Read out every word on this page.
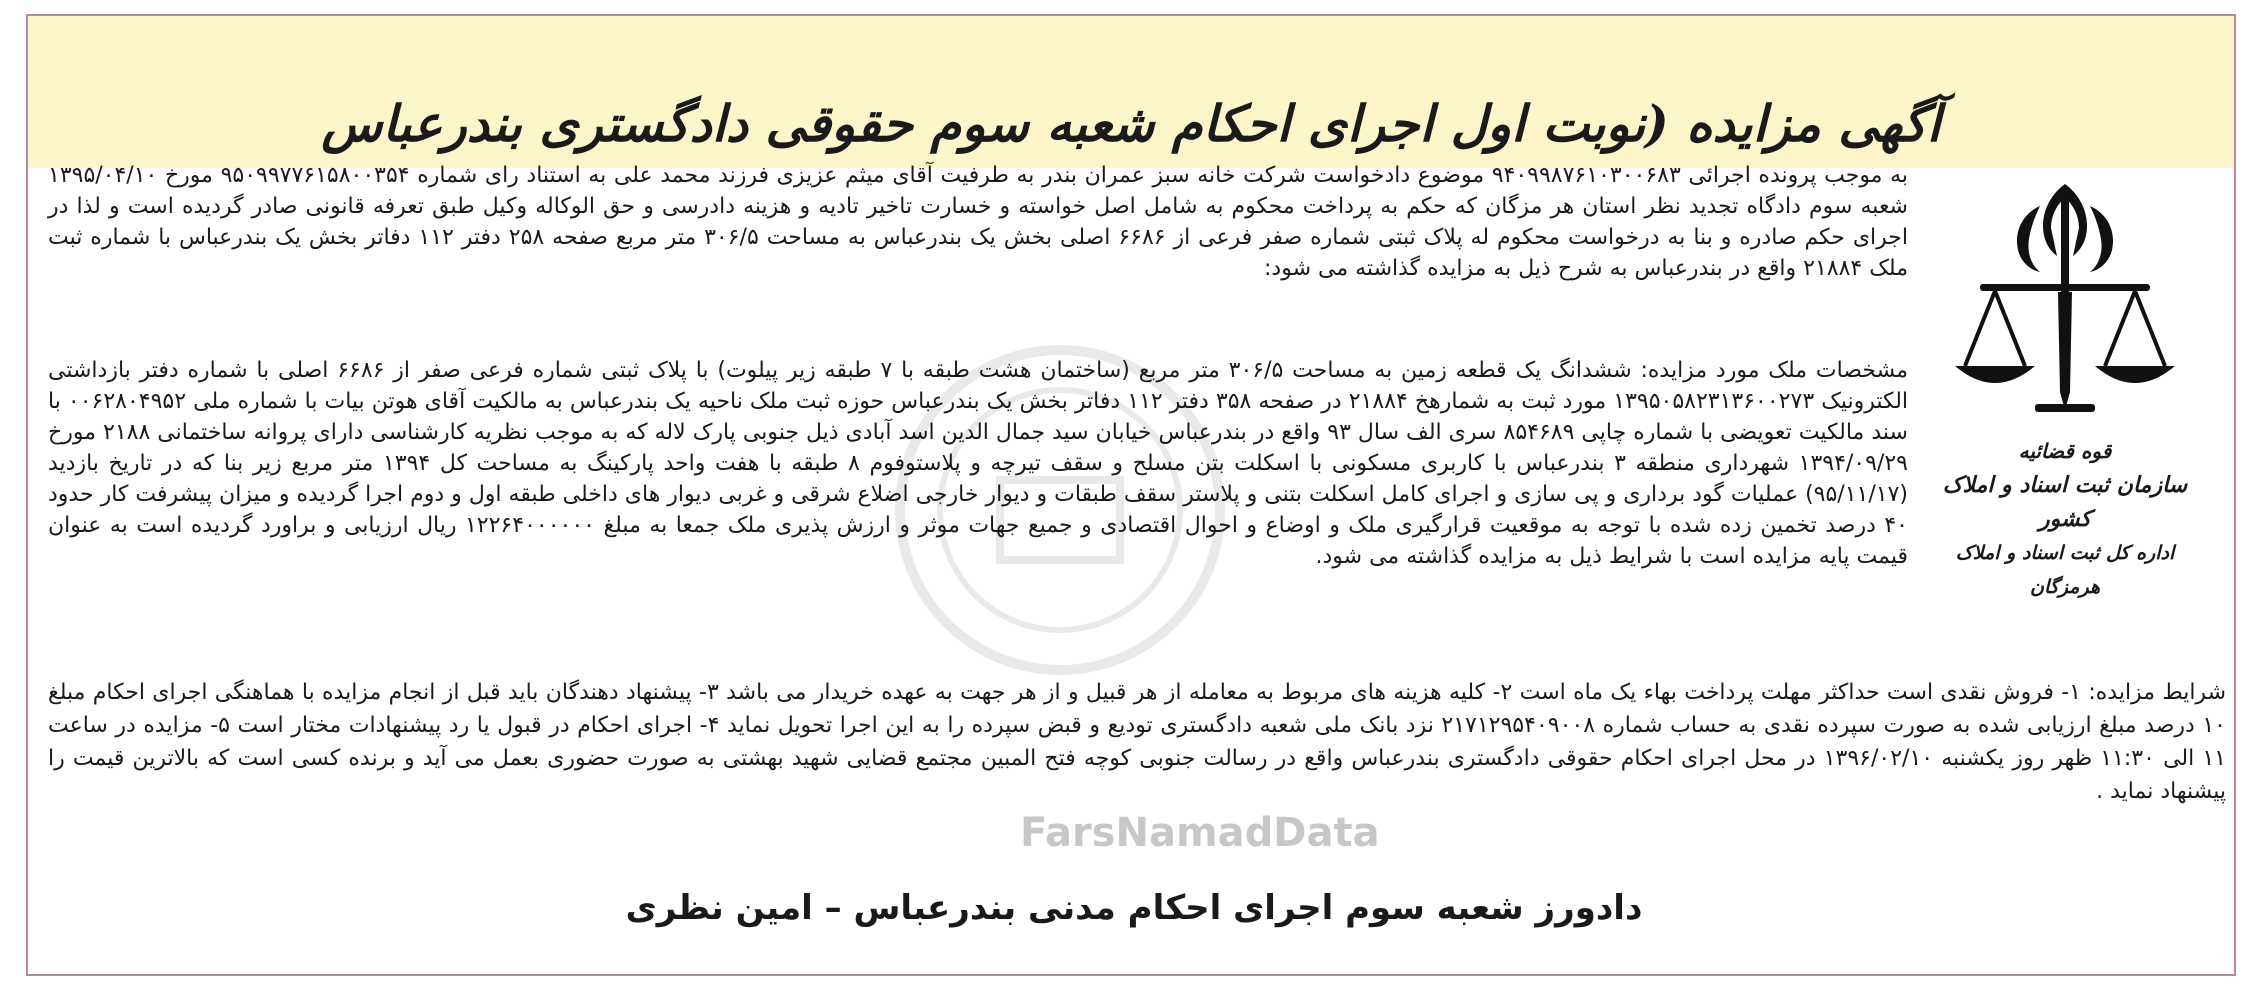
آگهی مزایده (نوبت اول اجرای احکام شعبه سوم حقوقی دادگستری بندرعباس
قوه قضائیه
سازمان ثبت اسناد و املاک کشور
اداره کل ثبت اسناد و املاک هرمزگان
FarsNamadData

به موجب پرونده اجرائی ۹۴۰۹۹۸۷۶۱۰۳۰۰۶۸۳ موضوع دادخواست شرکت خانه سبز عمران بندر به طرفیت آقای میثم عزیزی فرزند محمد علی به استناد رای شماره ۹۵۰۹۹۷۷۶۱۵۸۰۰۳۵۴ مورخ ۱۳۹۵/۰۴/۱۰ شعبه سوم دادگاه تجدید نظر استان هر مزگان که حکم به پرداخت محکوم به شامل اصل خواسته و خسارت تاخیر تادیه و هزینه دادرسی و حق الوکاله وکیل طبق تعرفه قانونی صادر گردیده است و لذا در اجرای حکم صادره و بنا به درخواست محکوم له پلاک ثبتی شماره صفر فرعی از ۶۶۸۶ اصلی بخش یک بندرعباس به مساحت ۳۰۶/۵ متر مربع صفحه ۲۵۸ دفتر ۱۱۲ دفاتر بخش یک بندرعباس با شماره ثبت ملک ۲۱۸۸۴ واقع در بندرعباس به شرح ذیل به مزایده گذاشته می شود:

مشخصات ملک مورد مزایده: ششدانگ یک قطعه زمین به مساحت ۳۰۶/۵ متر مربع (ساختمان هشت طبقه با ۷ طبقه زیر پیلوت) با پلاک ثبتی شماره فرعی صفر از ۶۶۸۶ اصلی با شماره دفتر بازداشتی الکترونیک ۱۳۹۵۰۵۸۲۳۱۳۶۰۰۲۷۳ مورد ثبت به شمارهخ ۲۱۸۸۴ در صفحه ۳۵۸ دفتر ۱۱۲ دفاتر بخش یک بندرعباس حوزه ثبت ملک ناحیه یک بندرعباس به مالکیت آقای هوتن بیات با شماره ملی ۰۰۶۲۸۰۴۹۵۲ با سند مالکیت تعویضی با شماره چاپی ۸۵۴۶۸۹ سری الف سال ۹۳ واقع در بندرعباس خیابان سید جمال الدین اسد آبادی ذیل جنوبی پارک لاله که به موجب نظریه کارشناسی دارای پروانه ساختمانی ۲۱۸۸ مورخ ۱۳۹۴/۰۹/۲۹ شهرداری منطقه ۳ بندرعباس با کاربری مسکونی با اسکلت بتن مسلح و سقف تیرچه و پلاستوفوم ۸ طبقه با هفت واحد پارکینگ به مساحت کل ۱۳۹۴ متر مربع زیر بنا که در تاریخ بازدید (۹۵/۱۱/۱۷) عملیات گود برداری و پی سازی و اجرای کامل اسکلت بتنی و پلاستر سقف طبقات و دیوار خارجی اضلاع شرقی و غربی دیوار های داخلی طبقه اول و دوم اجرا گردیده و میزان پیشرفت کار حدود ۴۰ درصد تخمین زده شده با توجه به موقعیت قرارگیری ملک و اوضاع و احوال اقتصادی و جمیع جهات موثر و ارزش پذیری ملک جمعا به مبلغ ۱۲۲۶۴۰۰۰۰۰۰ ریال ارزیابی و براورد گردیده است به عنوان قیمت پایه مزایده است با شرایط ذیل به مزایده گذاشته می شود.

شرایط مزایده: ۱- فروش نقدی است حداکثر مهلت پرداخت بهاء یک ماه است ۲- کلیه هزینه های مربوط به معامله از هر قبیل و از هر جهت به عهده خریدار می باشد ۳- پیشنهاد دهندگان باید قبل از انجام مزایده با هماهنگی اجرای احکام مبلغ ۱۰ درصد مبلغ ارزیابی شده به صورت سپرده نقدی به حساب شماره ۲۱۷۱۲۹۵۴۰۹۰۰۸ نزد بانک ملی شعبه دادگستری تودیع و قبض سپرده را به این اجرا تحویل نماید ۴- اجرای احکام در قبول یا رد پیشنهادات مختار است ۵- مزایده در ساعت ۱۱ الی ۱۱:۳۰ ظهر روز یکشنبه ۱۳۹۶/۰۲/۱۰ در محل اجرای احکام حقوقی دادگستری بندرعباس واقع در رسالت جنوبی کوچه فتح المبین مجتمع قضایی شهید بهشتی به صورت حضوری بعمل می آید و برنده کسی است که بالاترین قیمت را پیشنهاد نماید .

دادورز شعبه سوم اجرای احکام مدنی بندرعباس – امین نظری
